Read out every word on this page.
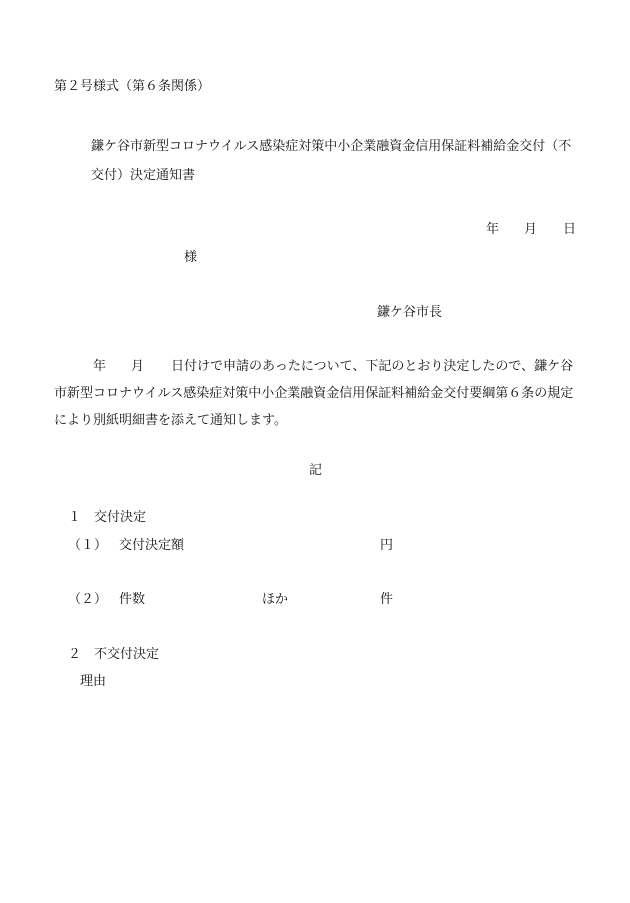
第２号様式（第６条関係）
鎌ケ谷市新型コロナウイルス感染症対策中小企業融資金信用保証料補給金交付（不
交付）決定通知書
年 月 日
様
鎌ケ谷市長
年 月 日付けで申請のあったについて、下記のとおり決定したので、鎌ケ谷
市新型コロナウイルス感染症対策中小企業融資金信用保証料補給金交付要綱第６条の規定
により別紙明細書を添えて通知します。
記
１　交付決定
（１） 交付決定額	円
（２） 件数	ほか	件
２　不交付決定
理由
